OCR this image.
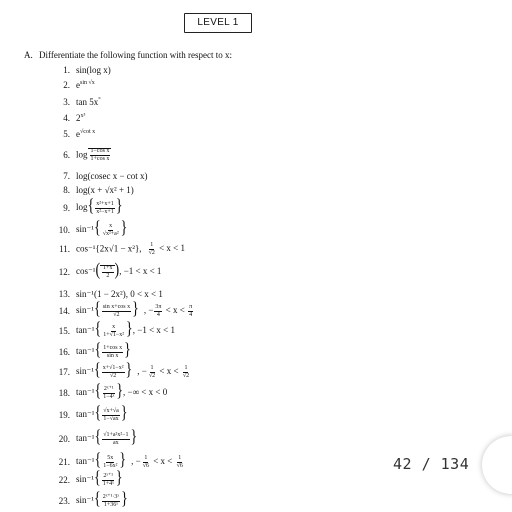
LEVEL 1
A. Differentiate the following function with respect to x:
1. sin(log x)
2. $e^{sin √x}$
3. tan 5x°
4. $2^{x^3}$
5. $e^{√cot x}$
6. $\log \frac{\text{1−cos x}}{\text{1+cos x}}$
7. log(cosec x − cot x)
8. log(x + √x² + 1)
9. $\log\{ \frac{\text{x²+x+1}}{\text{x²−x+1}}$ }
10. $\sin^{-1}\{ \frac{x}{\text{√x²+a²}}$ }
11. cos⁻¹{2x√1 − x²}, $\frac{1}{√2} < x < 1$
12. $\cos^{-1}( \frac{1+x}{2}$ ), −1 < x < 1
13. sin⁻¹(1 − 2x²), 0 < x < 1
14. $\sin^{-1}\{ \frac{\text{sin x+cos x}}{√2}$ } , − $\frac{3\pi}{4} < x < \frac{\pi}{4}$
15. $\tan^{-1}\{ \frac{x}{\text{1+√1−x²}}$ }, −1 < x < 1
16. $\tan^{-1}\{ \frac{\text{1+cos x}}{\text{sin x}}$ }
17. $\sin^{-1}\{ \frac{\text{x+√1−x²}}{√2}$ } , − $\frac{1}{√2} < x < \frac{1}{√2}$
18. $\tan^{-1}\{ \frac{\text{2ˣ⁺¹}}{\text{1−4ˣ}}$ }, −∞ < x < 0
19. $\tan^{-1}\{ \frac{√x+√a}{1-√ax}$ }
20. $\tan^{-1}\{ \frac{\text{√1+a²x²−1}}{ax}$ }
21. $\tan^{-1}\{ \frac{5x}{\text{1−6x²}}$ } , − $\frac{1}{√6} < x < \frac{1}{√6}$
22. $\sin^{-1}\{ \frac{\text{2ˣ⁺¹}}{\text{1+4ˣ}}$ }
23. $\sin^{-1}\{ \frac{\text{2ˣ⁺¹·3ˣ}}{\text{1+36ˣ}}$ }
42 / 134
